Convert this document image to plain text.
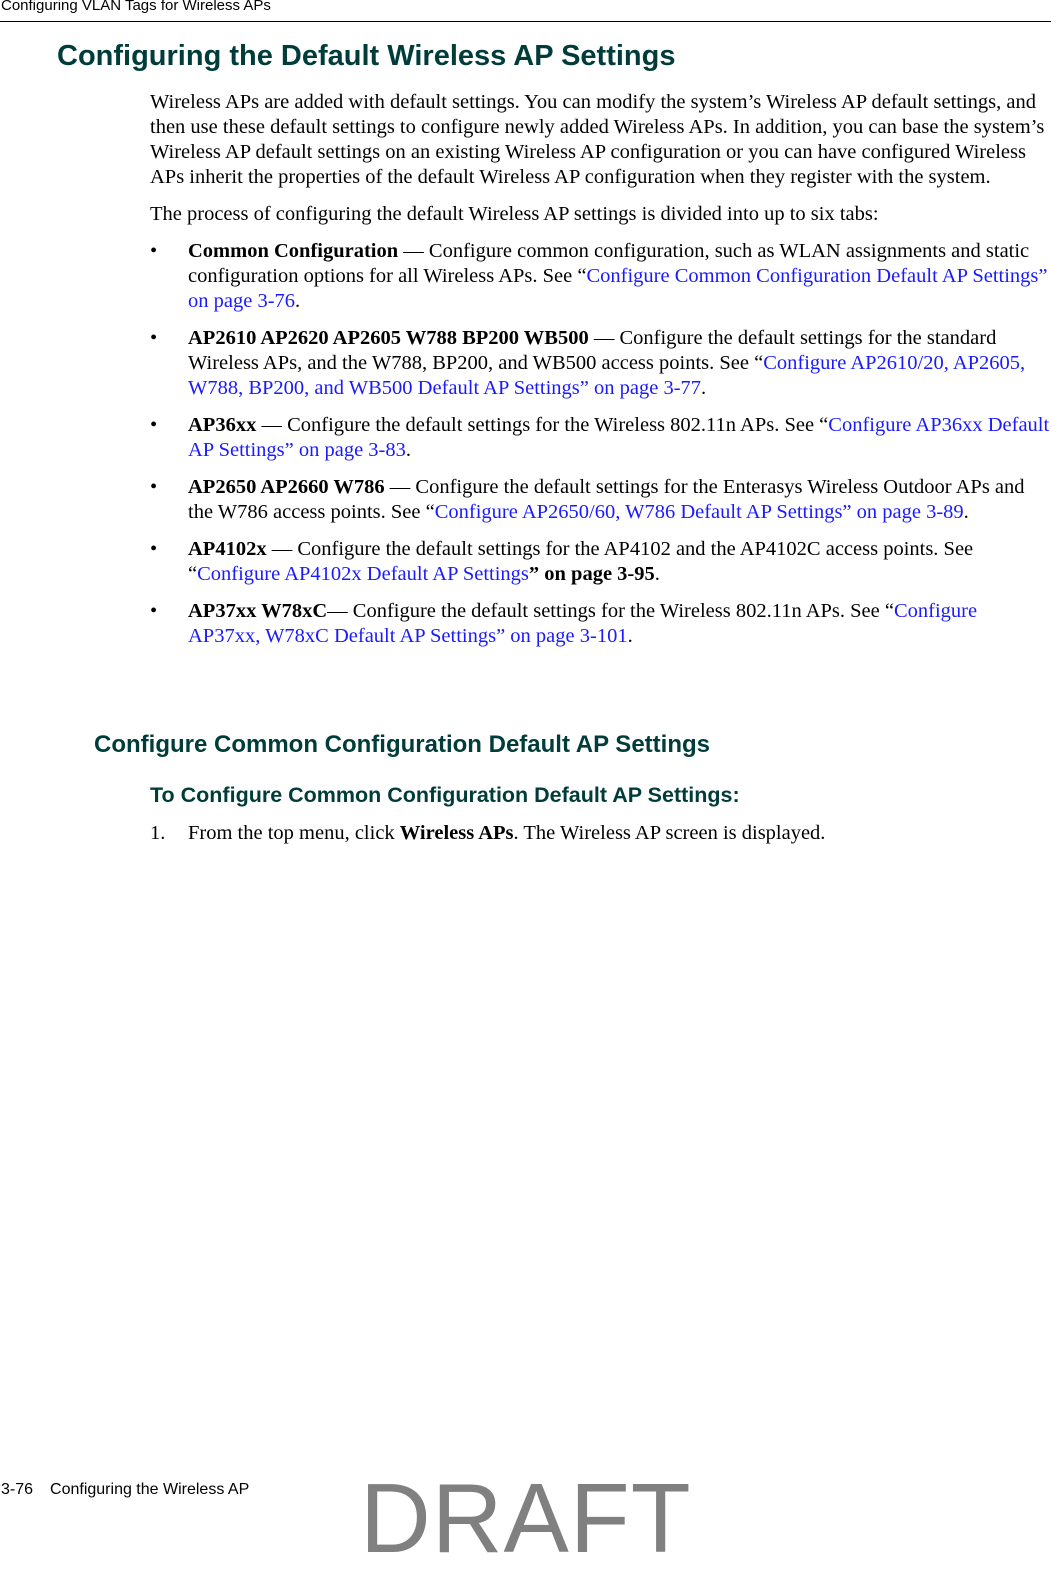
Configuring VLAN Tags for Wireless APs
Configuring the Default Wireless AP Settings

Wireless APs are added with default settings. You can modify the system’s Wireless AP default settings, and then use these default settings to configure newly added Wireless APs. In addition, you can base the system’s Wireless AP default settings on an existing Wireless AP configuration or you can have configured Wireless APs inherit the properties of the default Wireless AP configuration when they register with the system.

The process of configuring the default Wireless AP settings is divided into up to six tabs:

• Common Configuration — Configure common configuration, such as WLAN assignments and static configuration options for all Wireless APs. See “Configure Common Configuration Default AP Settings” on page 3-76.
• AP2610 AP2620 AP2605 W788 BP200 WB500 — Configure the default settings for the standard Wireless APs, and the W788, BP200, and WB500 access points. See “Configure AP2610/20, AP2605, W788, BP200, and WB500 Default AP Settings” on page 3-77.
• AP36xx — Configure the default settings for the Wireless 802.11n APs. See “Configure AP36xx Default AP Settings” on page 3-83.
• AP2650 AP2660 W786 — Configure the default settings for the Enterasys Wireless Outdoor APs and the W786 access points. See “Configure AP2650/60, W786 Default AP Settings” on page 3-89.
• AP4102x — Configure the default settings for the AP4102 and the AP4102C access points. See “Configure AP4102x Default AP Settings” on page 3-95.
• AP37xx W78xC— Configure the default settings for the Wireless 802.11n APs. See “Configure AP37xx, W78xC Default AP Settings” on page 3-101.
Configure Common Configuration Default AP Settings
To Configure Common Configuration Default AP Settings:
1. From the top menu, click Wireless APs. The Wireless AP screen is displayed.
3-76 Configuring the Wireless AP DRAFT
